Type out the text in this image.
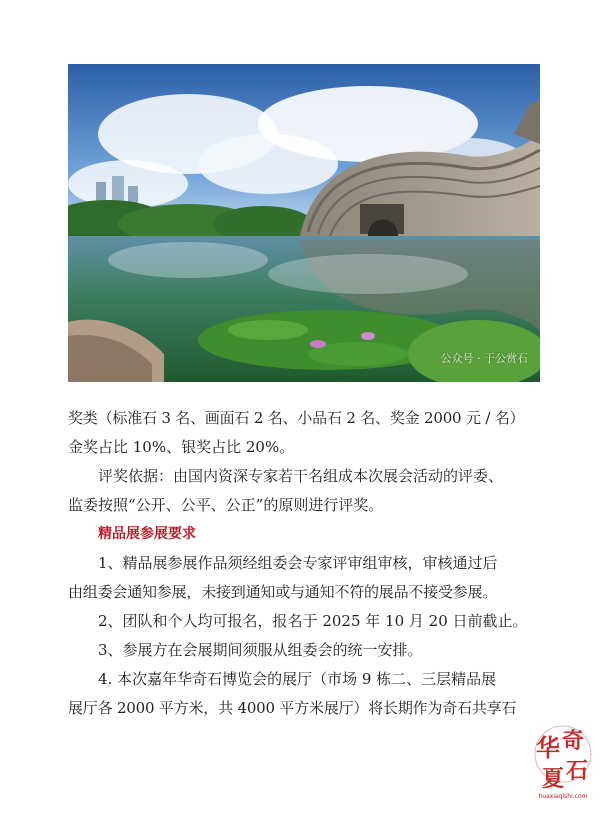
公众号 · 于公赏石
奖类（标准石 3 名、画面石 2 名、小品石 2 名、奖金 2000 元 / 名）
金奖占比 10%、银奖占比 20%。
评奖依据：由国内资深专家若干名组成本次展会活动的评委、
监委按照“公开、公平、公正”的原则进行评奖。
精品展参展要求
1、精品展参展作品须经组委会专家评审组审核，审核通过后
由组委会通知参展，未接到通知或与通知不符的展品不接受参展。
2、团队和个人均可报名，报名于 2025 年 10 月 20 日前截止。
3、参展方在会展期间须服从组委会的统一安排。
4. 本次嘉年华奇石博览会的展厅（市场 9 栋二、三层精品展
展厅各 2000 平方米，共 4000 平方米展厅）将长期作为奇石共享石
华 奇
夏 石
huaxiaqishi.com
